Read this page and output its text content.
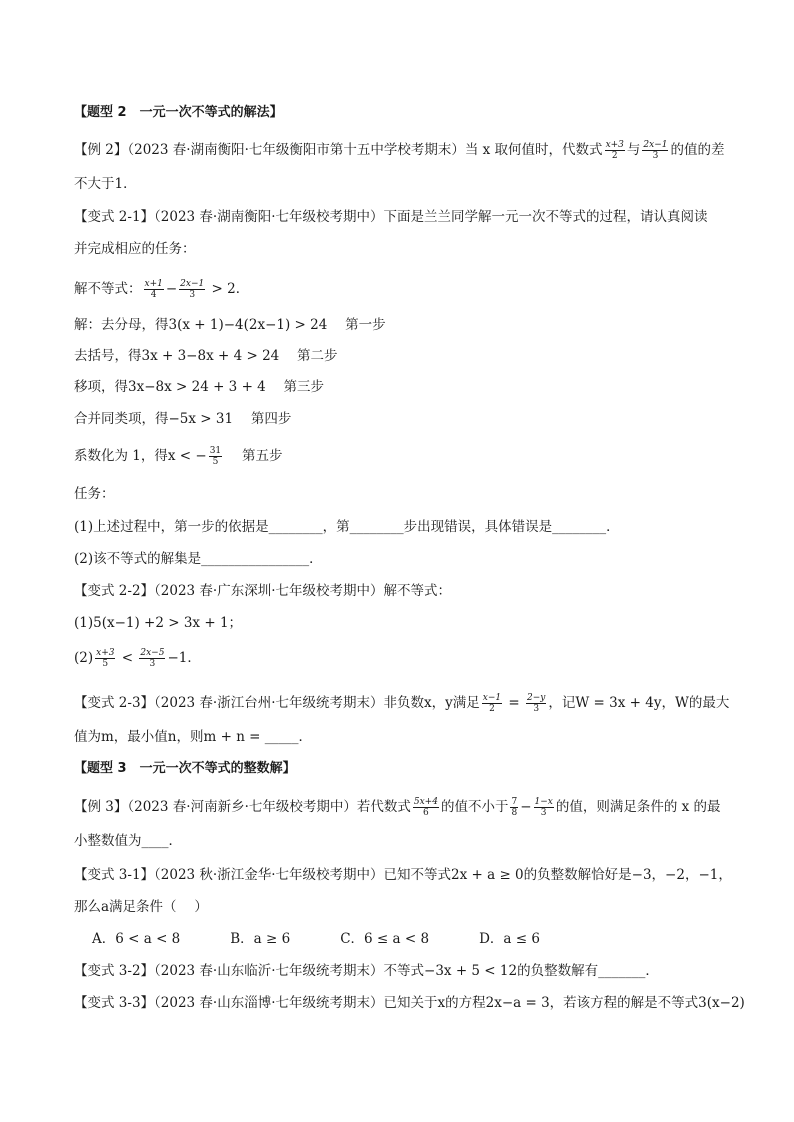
【题型 2　一元一次不等式的解法】
【例 2】（2023 春·湖南衡阳·七年级衡阳市第十五中学校考期末）当 x 取何值时，代数式 $\frac{x+3}{2}$ 与 $\frac{2x-1}{3}$ 的值的差
不大于1．
【变式 2-1】（2023 春·湖南衡阳·七年级校考期中）下面是兰兰同学解一元一次不等式的过程，请认真阅读
并完成相应的任务：
解不等式： $\frac{x+1}{4} - \frac{2x-1}{3} > 2$．
解：去分母，得3(x + 1)−4(2x−1) > 24　 第一步
去括号，得3x + 3−8x + 4 > 24　 第二步
移项，得3x−8x > 24 + 3 + 4　 第三步
合并同类项，得−5x > 31　 第四步
系数化为 1，得x < − $\frac{31}{5}$ 　 第五步
任务：
(1)上述过程中，第一步的依据是________，第________步出现错误，具体错误是________．
(2)该不等式的解集是________________．
【变式 2-2】（2023 春·广东深圳·七年级校考期中）解不等式：
(1)5(x−1) +2 > 3x + 1；
$(2) \frac{x+3}{5} < \frac{2x-5}{3} -1$．
【变式 2-3】（2023 春·浙江台州·七年级统考期末）非负数x，y满足 $\frac{x-1}{2} = \frac{2-y}{3}$ ，记W = 3x + 4y，W的最大
值为m，最小值n，则m + n = _____．
【题型 3　一元一次不等式的整数解】
【例 3】（2023 春·河南新乡·七年级校考期中）若代数式 $\frac{5x+4}{6}$ 的值不小于 $\frac{7}{8} - \frac{1-x}{3}$ 的值，则满足条件的 x 的最
小整数值为____．
【变式 3-1】（2023 秋·浙江金华·七年级校考期中）已知不等式2x + a ≥ 0的负整数解恰好是−3，−2，−1，
那么a满足条件（　 ）
A．6 < a < 8	B．a ≥ 6	C．6 ≤ a < 8	D．a ≤ 6
【变式 3-2】（2023 春·山东临沂·七年级统考期末）不等式−3x + 5 < 12的负整数解有_______．
【变式 3-3】（2023 春·山东淄博·七年级统考期末）已知关于x的方程2x−a = 3，若该方程的解是不等式3(x−2)
